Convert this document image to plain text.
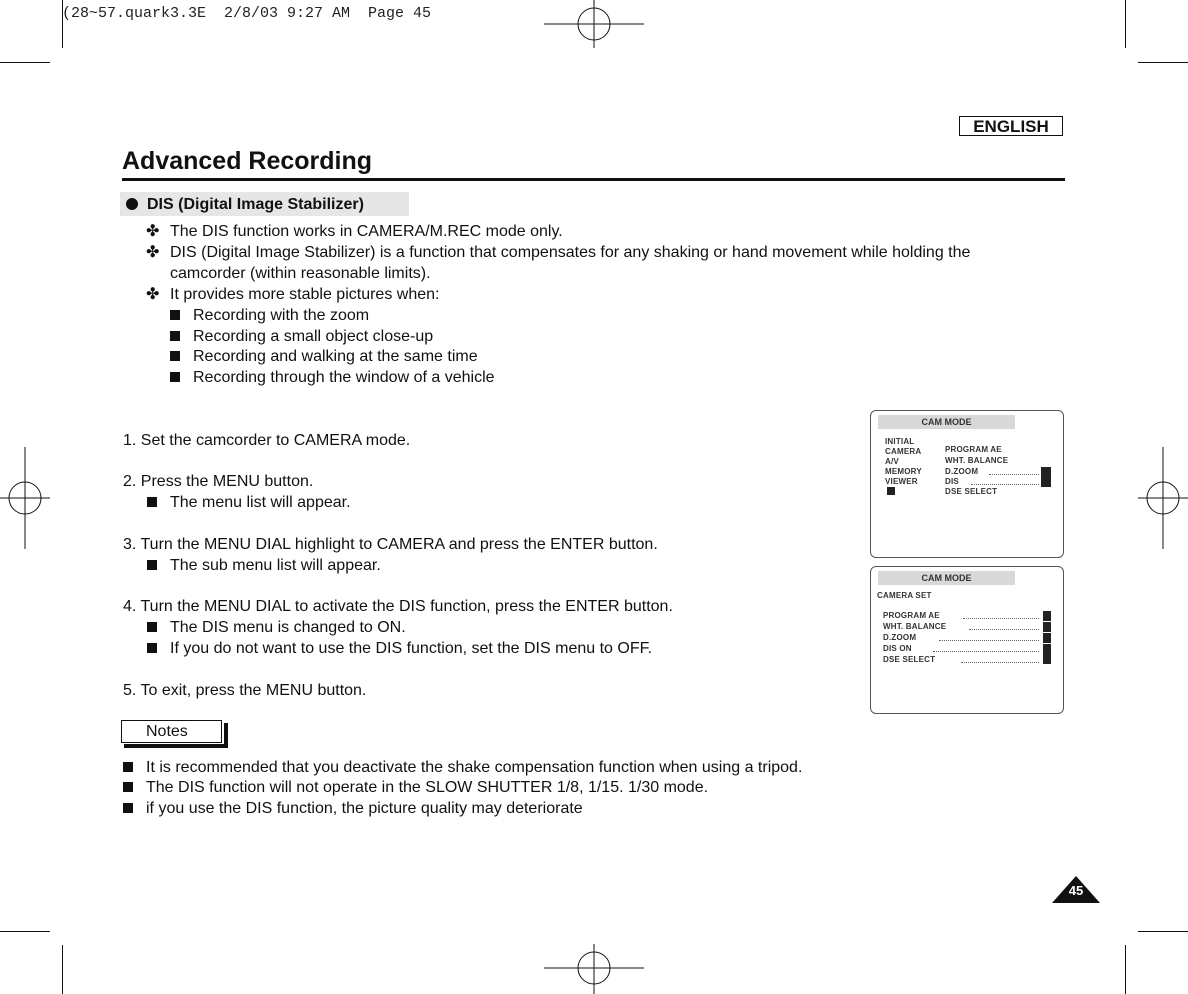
(28~57.quark3.3E  2/8/03 9:27 AM  Page 45
ENGLISH
Advanced Recording
DIS (Digital Image Stabilizer)
✤ The DIS function works in CAMERA/M.REC mode only.
✤ DIS (Digital Image Stabilizer) is a function that compensates for any shaking or hand movement while holding the
camcorder (within reasonable limits).
✤ It provides more stable pictures when:
Recording with the zoom
Recording a small object close-up
Recording and walking at the same time
Recording through the window of a vehicle
1. Set the camcorder to CAMERA mode.
2. Press the MENU button.
The menu list will appear.
3. Turn the MENU DIAL highlight to CAMERA and press the ENTER button.
The sub menu list will appear.
4. Turn the MENU DIAL to activate the DIS function, press the ENTER button.
The DIS menu is changed to ON.
If you do not want to use the DIS function, set the DIS menu to OFF.
5. To exit, press the MENU button.
CAM MODE
INITIAL
CAMERA
A/V
MEMORY
VIEWER
PROGRAM AE
WHT. BALANCE
D.ZOOM
DIS
DSE SELECT
CAM MODE
CAMERA SET
PROGRAM AE
WHT. BALANCE
D.ZOOM
DIS ON
DSE SELECT
Notes
It is recommended that you deactivate the shake compensation function when using a tripod.
The DIS function will not operate in the SLOW SHUTTER 1/8, 1/15. 1/30 mode.
if you use the DIS function, the picture quality may deteriorate
45
